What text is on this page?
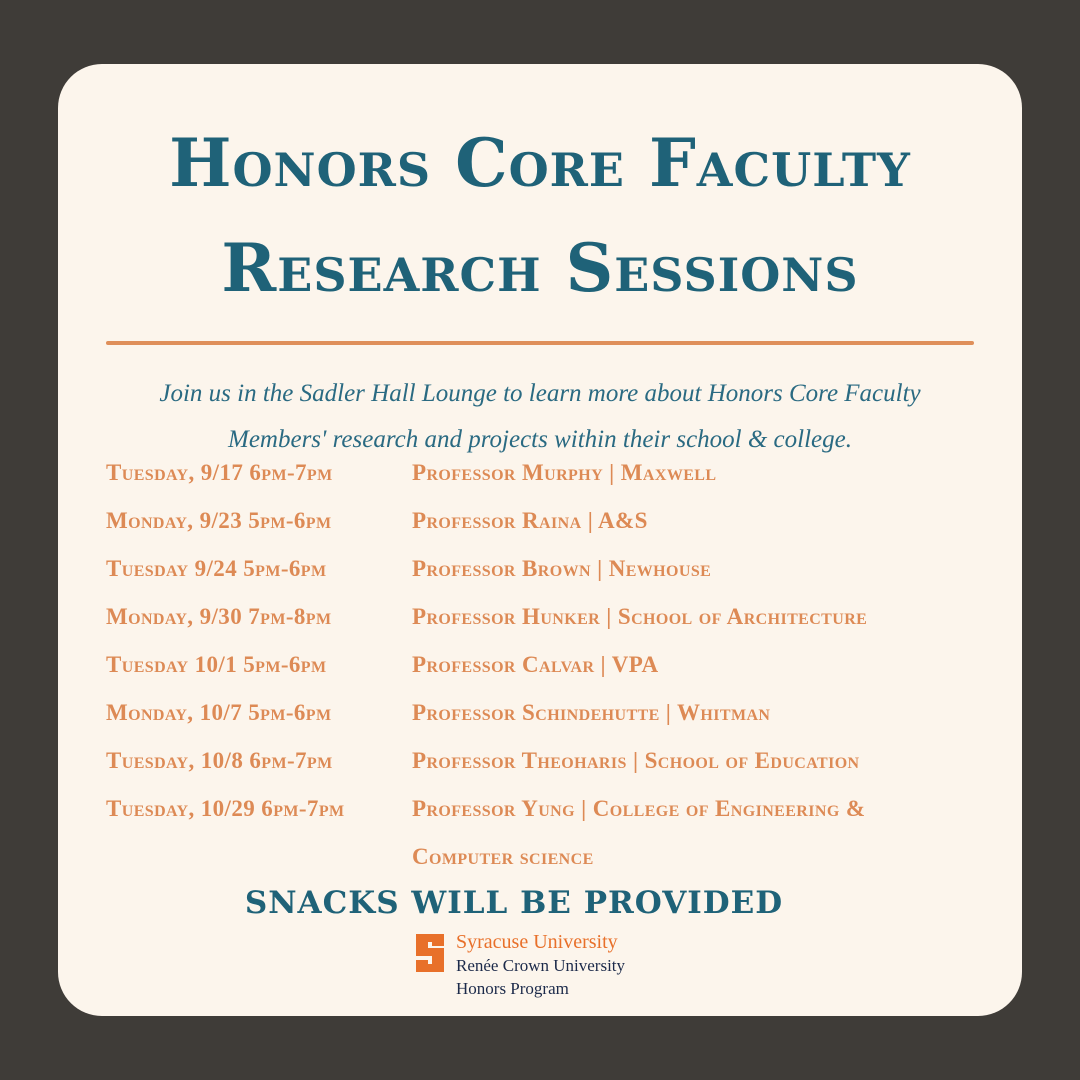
Honors Core Faculty
Research Sessions
Join us in the Sadler Hall Lounge to learn more about Honors Core Faculty
Members' research and projects within their school & college.
Tuesday, 9/17 6pm-7pm	Professor Murphy | Maxwell
Monday, 9/23 5pm-6pm	Professor Raina | A&S
Tuesday 9/24 5pm-6pm	Professor Brown | Newhouse
Monday, 9/30 7pm-8pm	Professor Hunker | School of Architecture
Tuesday 10/1 5pm-6pm	Professor Calvar | VPA
Monday, 10/7 5pm-6pm	Professor Schindehutte | Whitman
Tuesday, 10/8 6pm-7pm	Professor Theoharis | School of Education
Tuesday, 10/29 6pm-7pm	Professor Yung | College of Engineering &
Computer science
SNACKS WILL BE PROVIDED
Syracuse University
Renée Crown University
Honors Program
